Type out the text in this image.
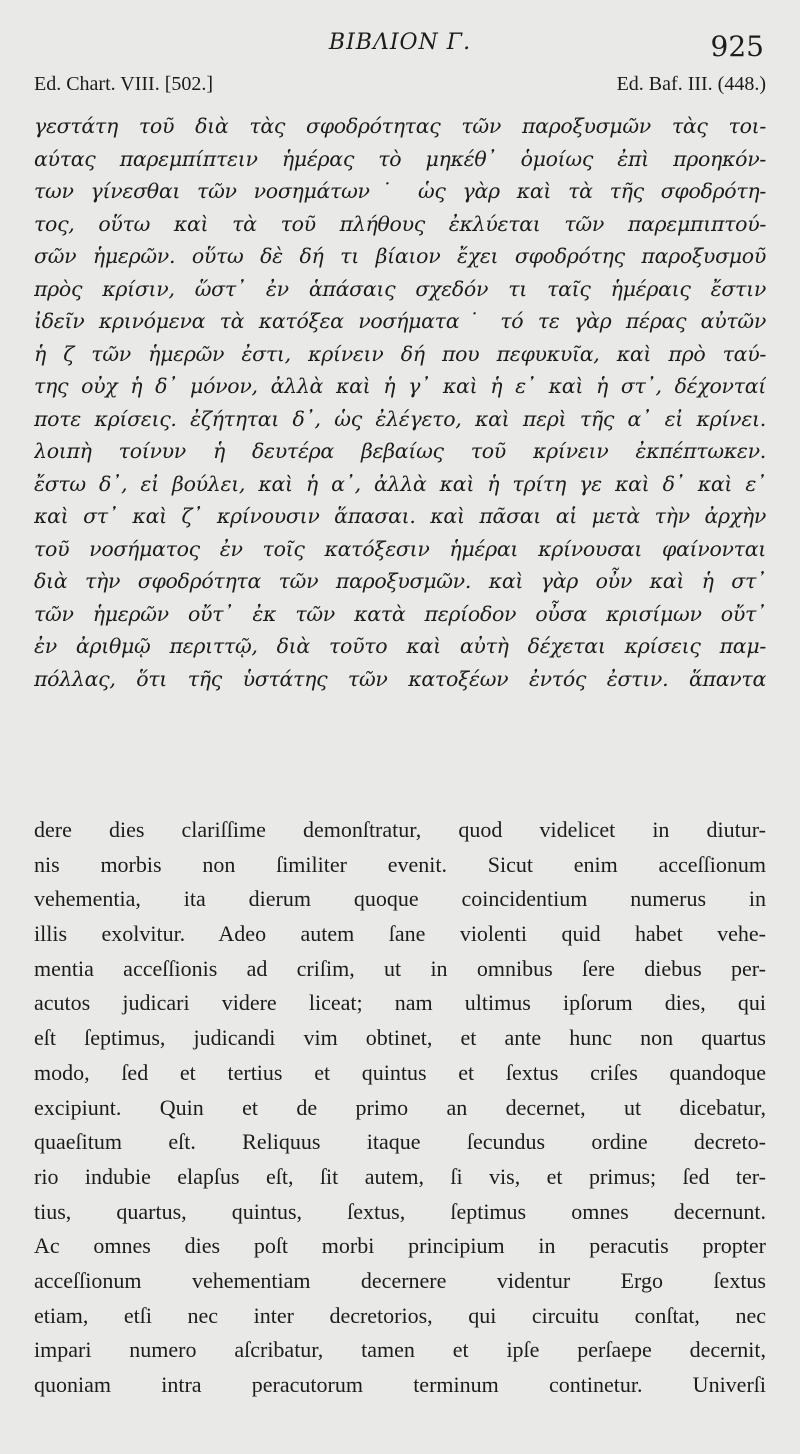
ΒΙΒΛΙΟΝ Γ.	925
Ed. Chart. VIII. [502.]	Ed. Baf. III. (448.)
γεστάτη τοῦ διὰ τὰς σφοδρότητας τῶν παροξυσμῶν τὰς τοι-
αύτας παρεμπίπτειν ἡμέρας τὸ μηκέθ᾽ ὁμοίως ἐπὶ προηκόν-
των γίνεσθαι τῶν νοσημάτων˙ ὡς γὰρ καὶ τὰ τῆς σφοδρότη-
τος, οὕτω καὶ τὰ τοῦ πλήθους ἐκλύεται τῶν παρεμπιπτού-
σῶν ἡμερῶν. οὕτω δὲ δή τι βίαιον ἔχει σφοδρότης παροξυσμοῦ
πρὸς κρίσιν, ὥστ᾽ ἐν ἁπάσαις σχεδόν τι ταῖς ἡμέραις ἔστιν
ἰδεῖν κρινόμενα τὰ κατόξεα νοσήματα˙ τό τε γὰρ πέρας αὐτῶν
ἡ ζ τῶν ἡμερῶν ἐστι, κρίνειν δή που πεφυκυῖα, καὶ πρὸ ταύ-
της οὐχ ἡ δ᾽ μόνον, ἀλλὰ καὶ ἡ γ᾽ καὶ ἡ ε᾽ καὶ ἡ στ᾽, δέχονταί
ποτε κρίσεις. ἐζήτηται δ᾽, ὡς ἐλέγετο, καὶ περὶ τῆς α᾽ εἰ κρίνει.
λοιπὴ τοίνυν ἡ δευτέρα βεβαίως τοῦ κρίνειν ἐκπέπτωκεν.
ἔστω δ᾽, εἰ βούλει, καὶ ἡ α᾽, ἀλλὰ καὶ ἡ τρίτη γε καὶ δ᾽ καὶ ε᾽
καὶ στ᾽ καὶ ζ᾽ κρίνουσιν ἅπασαι. καὶ πᾶσαι αἱ μετὰ τὴν ἀρχὴν
τοῦ νοσήματος ἐν τοῖς κατόξεσιν ἡμέραι κρίνουσαι φαίνονται
διὰ τὴν σφοδρότητα τῶν παροξυσμῶν. καὶ γὰρ οὖν καὶ ἡ στ᾽
τῶν ἡμερῶν οὔτ᾽ ἐκ τῶν κατὰ περίοδον οὖσα κρισίμων οὔτ᾽
ἐν ἀριθμῷ περιττῷ, διὰ τοῦτο καὶ αὐτὴ δέχεται κρίσεις παμ-
πόλλας, ὅτι τῆς ὑστάτης τῶν κατοξέων ἐντός ἐστιν. ἅπαντα
dere dies clariſſime demonſtratur, quod videlicet in diutur-
nis morbis non ſimiliter evenit. Sicut enim acceſſionum
vehementia, ita dierum quoque coincidentium numerus in
illis exolvitur. Adeo autem ſane violenti quid habet vehe-
mentia acceſſionis ad criſim, ut in omnibus ſere diebus per-
acutos judicari videre liceat; nam ultimus ipſorum dies, qui
eſt ſeptimus, judicandi vim obtinet, et ante hunc non quartus
modo, ſed et tertius et quintus et ſextus criſes quandoque
excipiunt. Quin et de primo an decernet, ut dicebatur,
quaeſitum eſt. Reliquus itaque ſecundus ordine decreto-
rio indubie elapſus eſt, ſit autem, ſi vis, et primus; ſed ter-
tius, quartus, quintus, ſextus, ſeptimus omnes decernunt.
Ac omnes dies poſt morbi principium in peracutis propter
acceſſionum vehementiam decernere videntur Ergo ſextus
etiam, etſi nec inter decretorios, qui circuitu conſtat, nec
impari numero aſcribatur, tamen et ipſe perſaepe decernit,
quoniam intra peracutorum terminum continetur. Univerſi
